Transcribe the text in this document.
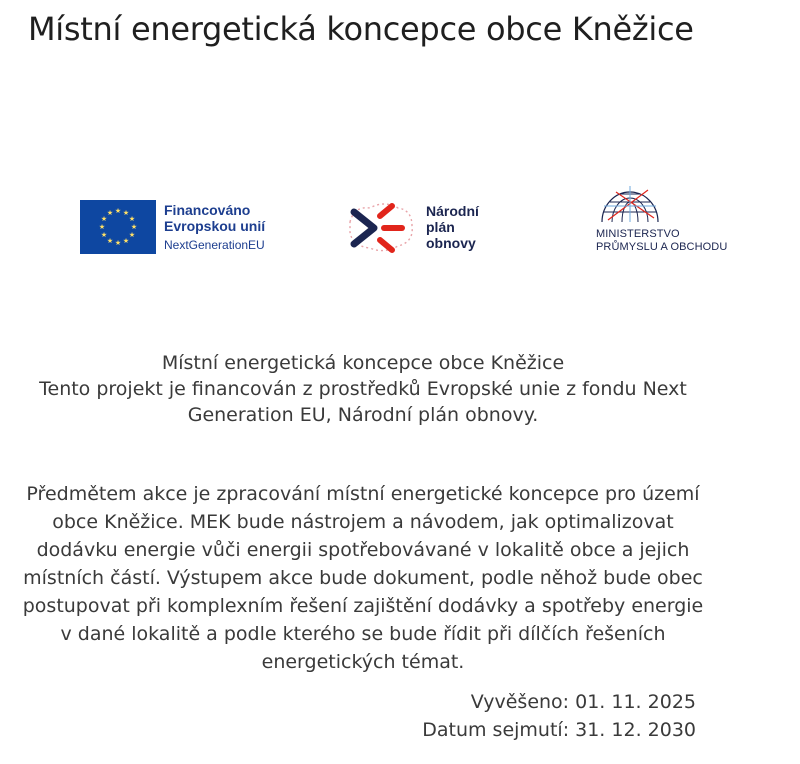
Místní energetická koncepce obce Kněžice
★ ★
★
★
★
★
★
★
★
★
★
★	Financováno
Evropskou unií
NextGenerationEU
Národní
plán
obnovy
MINISTERSTVO
PRŮMYSLU A OBCHODU
Místní energetická koncepce obce Kněžice
Tento projekt je financován z prostředků Evropské unie z fondu Next
Generation EU, Národní plán obnovy.

Předmětem akce je zpracování místní energetické koncepce pro území obce Kněžice. MEK bude nástrojem a návodem, jak optimalizovat dodávku energie vůči energii spotřebovávané v lokalitě obce a jejich místních částí. Výstupem akce bude dokument, podle něhož bude obec postupovat při komplexním řešení zajištění dodávky a spotřeby energie v dané lokalitě a podle kterého se bude řídit při dílčích řešeních energetických témat.

Vyvěšeno: 01. 11. 2025
Datum sejmutí: 31. 12. 2030
